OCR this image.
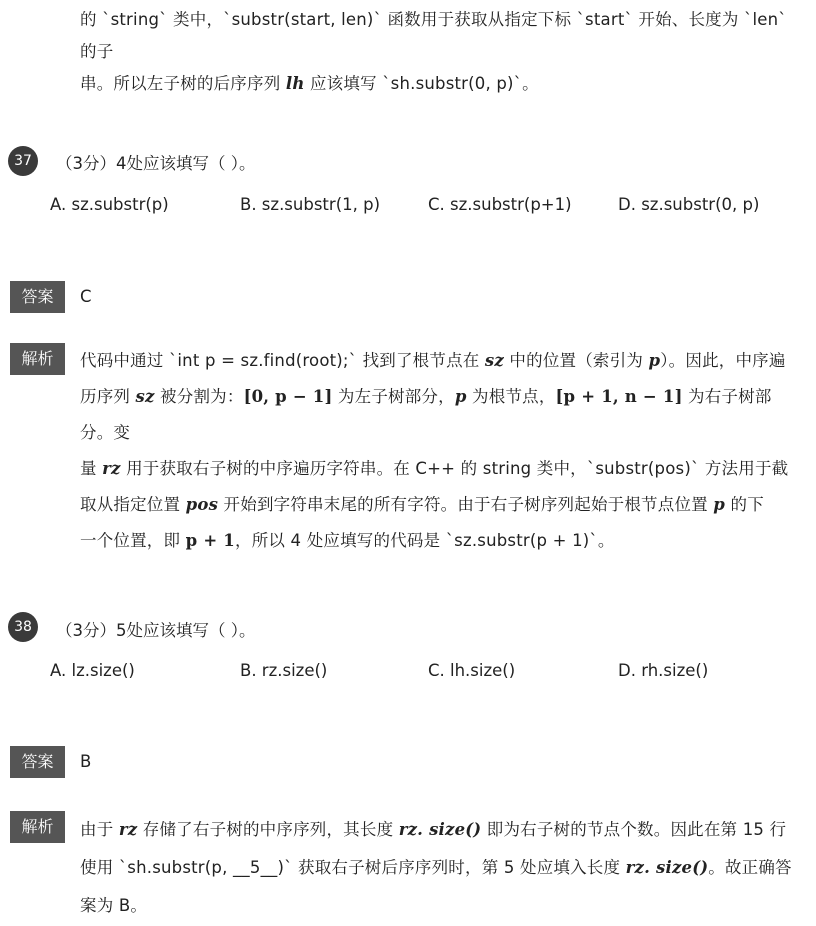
的 `string` 类中，`substr(start, len)` 函数用于获取从指定下标 `start` 开始、长度为 `len` 的子
串。所以左子树的后序序列 lh 应该填写 `sh.substr(0, p)`。
37	（3分）4处应该填写（ ）。
A. sz.substr(p)	B. sz.substr(1, p)	C. sz.substr(p+1)	D. sz.substr(0, p)
答案	C
解析	代码中通过 `int p = sz.find(root);` 找到了根节点在 sz 中的位置（索引为 p）。因此，中序遍
历序列 sz 被分割为：[0, p − 1] 为左子树部分，p 为根节点，[p + 1, n − 1] 为右子树部分。变
量 rz 用于获取右子树的中序遍历字符串。在 C++ 的 string 类中，`substr(pos)` 方法用于截
取从指定位置 pos 开始到字符串末尾的所有字符。由于右子树序列起始于根节点位置 p 的下
一个位置，即 p + 1，所以 4 处应填写的代码是 `sz.substr(p + 1)`。
38	（3分）5处应该填写（ ）。
A. lz.size()	B. rz.size()	C. lh.size()	D. rh.size()
答案	B
解析	由于 rz 存储了右子树的中序序列，其长度 rz. size() 即为右子树的节点个数。因此在第 15 行
使用 `sh.substr(p, __5__)` 获取右子树后序序列时，第 5 处应填入长度 rz. size()。故正确答
案为 B。
